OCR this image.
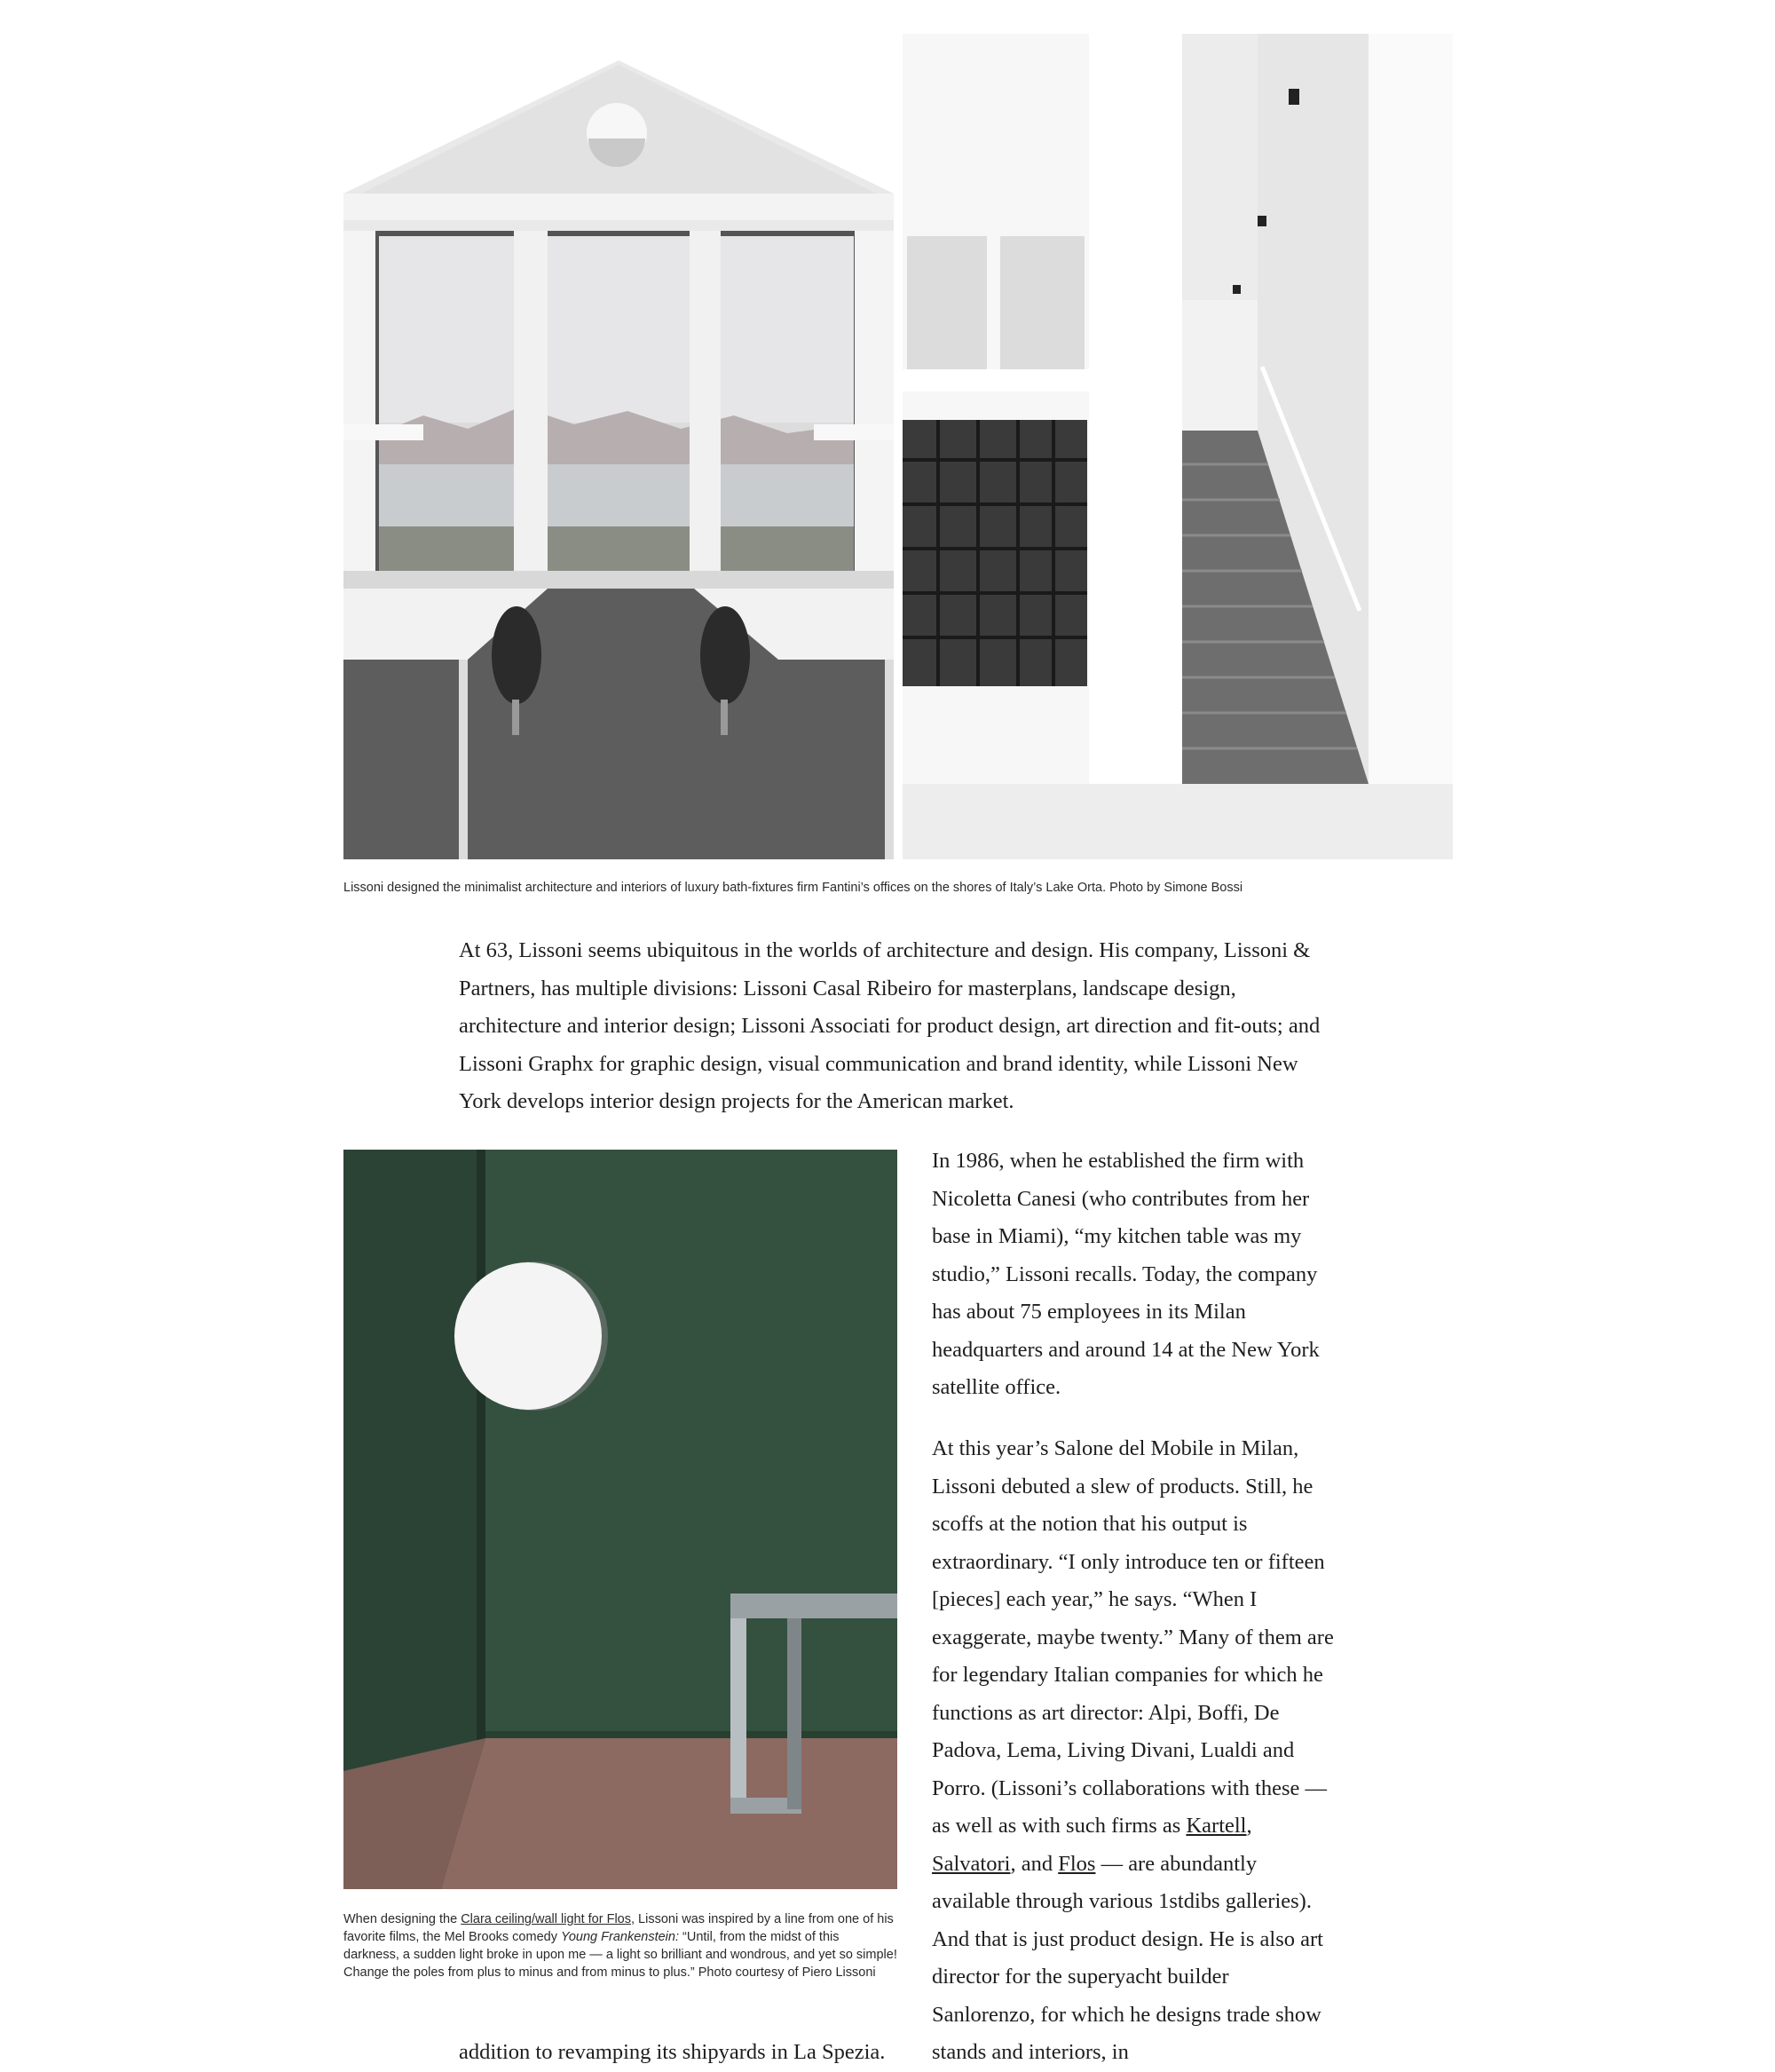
Lissoni designed the minimalist architecture and interiors of luxury bath-fixtures firm Fantini’s offices on the shores of Italy’s Lake Orta. Photo by Simone Bossi

At 63, Lissoni seems ubiquitous in the worlds of architecture and design. His company, Lissoni & Partners, has multiple divisions: Lissoni Casal Ribeiro for masterplans, landscape design, architecture and interior design; Lissoni Associati for product design, art direction and fit-outs; and Lissoni Graphx for graphic design, visual communication and brand identity, while Lissoni New York develops interior design projects for the American market.

In 1986, when he established the firm with Nicoletta Canesi (who contributes from her base in Miami), “my kitchen table was my studio,” Lissoni recalls. Today, the company has about 75 employees in its Milan headquarters and around 14 at the New York satellite office.

At this year’s Salone del Mobile in Milan, Lissoni debuted a slew of products. Still, he scoffs at the notion that his output is extraordinary. “I only introduce ten or fifteen [pieces] each year,” he says. “When I exaggerate, maybe twenty.” Many of them are for legendary Italian companies for which he functions as art director: Alpi, Boffi, De Padova, Lema, Living Divani, Lualdi and Porro. (Lissoni’s collaborations with these — as well as with such firms as Kartell, Salvatori, and Flos — are abundantly available through various 1stdibs galleries). And that is just product design. He is also art director for the superyacht builder Sanlorenzo, for which he designs trade show stands and interiors, in

When designing the Clara ceiling/wall light for Flos, Lissoni was inspired by a line from one of his favorite films, the Mel Brooks comedy Young Frankenstein: “Until, from the midst of this darkness, a sudden light broke in upon me — a light so brilliant and wondrous, and yet so simple! Change the poles from plus to minus and from minus to plus.” Photo courtesy of Piero Lissoni

addition to revamping its shipyards in La Spezia.
